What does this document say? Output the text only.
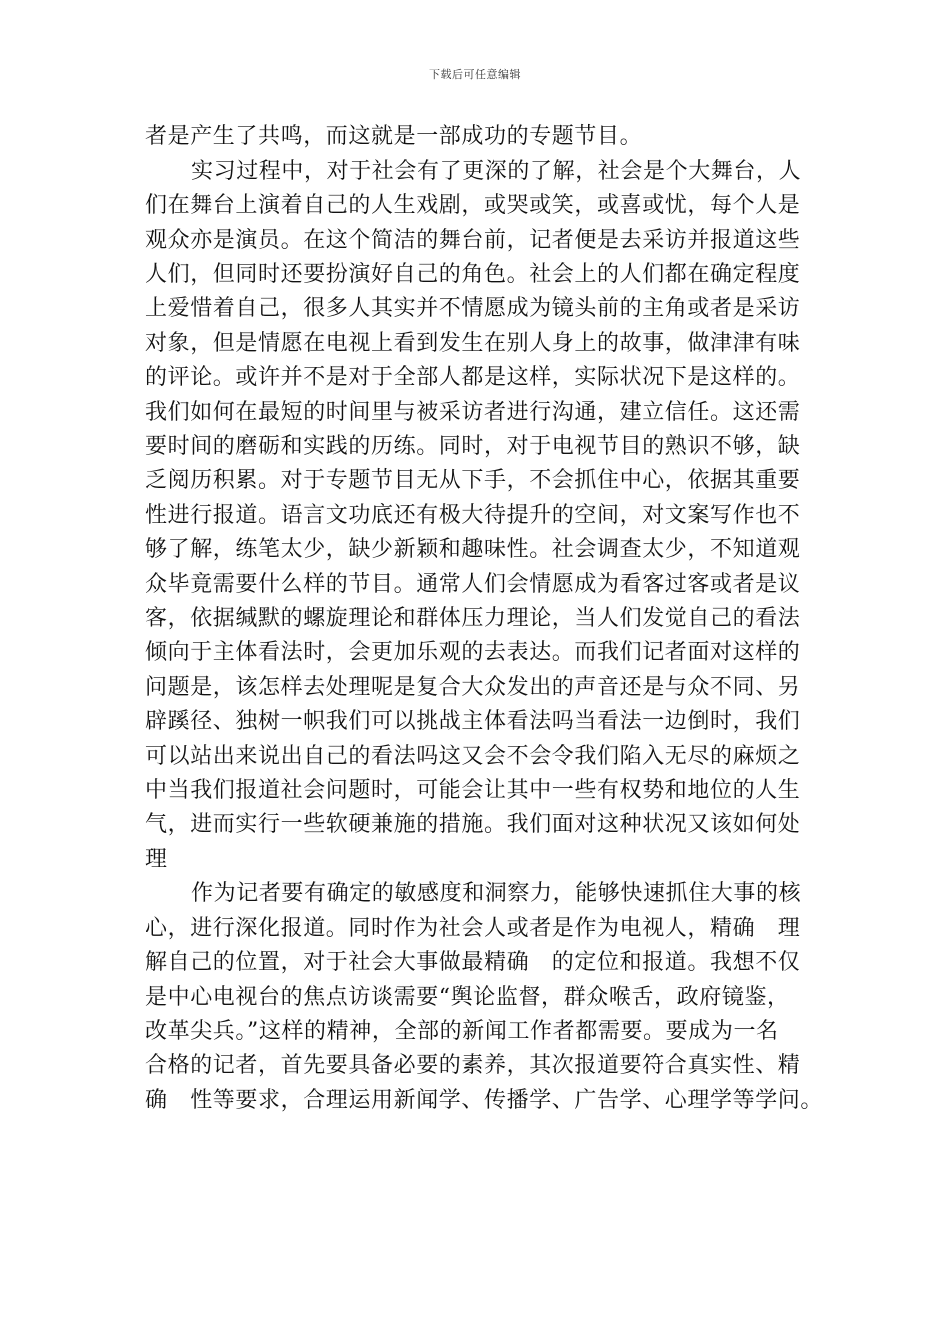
下载后可任意编辑
者是产生了共鸣，而这就是一部成功的专题节目。
实习过程中，对于社会有了更深的了解，社会是个大舞台，人
们在舞台上演着自己的人生戏剧，或哭或笑，或喜或忧，每个人是
观众亦是演员。在这个简洁的舞台前，记者便是去采访并报道这些
人们，但同时还要扮演好自己的角色。社会上的人们都在确定程度
上爱惜着自己，很多人其实并不情愿成为镜头前的主角或者是采访
对象，但是情愿在电视上看到发生在别人身上的故事，做津津有味
的评论。或许并不是对于全部人都是这样，实际状况下是这样的。
我们如何在最短的时间里与被采访者进行沟通，建立信任。这还需
要时间的磨砺和实践的历练。同时，对于电视节目的熟识不够，缺
乏阅历积累。对于专题节目无从下手，不会抓住中心，依据其重要
性进行报道。语言文功底还有极大待提升的空间，对文案写作也不
够了解，练笔太少，缺少新颖和趣味性。社会调查太少，不知道观
众毕竟需要什么样的节目。通常人们会情愿成为看客过客或者是议
客，依据缄默的螺旋理论和群体压力理论，当人们发觉自己的看法
倾向于主体看法时，会更加乐观的去表达。而我们记者面对这样的
问题是，该怎样去处理呢是复合大众发出的声音还是与众不同、另
辟蹊径、独树一帜我们可以挑战主体看法吗当看法一边倒时，我们
可以站出来说出自己的看法吗这又会不会令我们陷入无尽的麻烦之
中当我们报道社会问题时，可能会让其中一些有权势和地位的人生
气，进而实行一些软硬兼施的措施。我们面对这种状况又该如何处
理
作为记者要有确定的敏感度和洞察力，能够快速抓住大事的核
心，进行深化报道。同时作为社会人或者是作为电视人，精确　理
解自己的位置，对于社会大事做最精确　的定位和报道。我想不仅
是中心电视台的焦点访谈需要“舆论监督，群众喉舌，政府镜鉴，
改革尖兵。”这样的精神，全部的新闻工作者都需要。要成为一名
合格的记者，首先要具备必要的素养，其次报道要符合真实性、精
确　性等要求，合理运用新闻学、传播学、广告学、心理学等学问。
